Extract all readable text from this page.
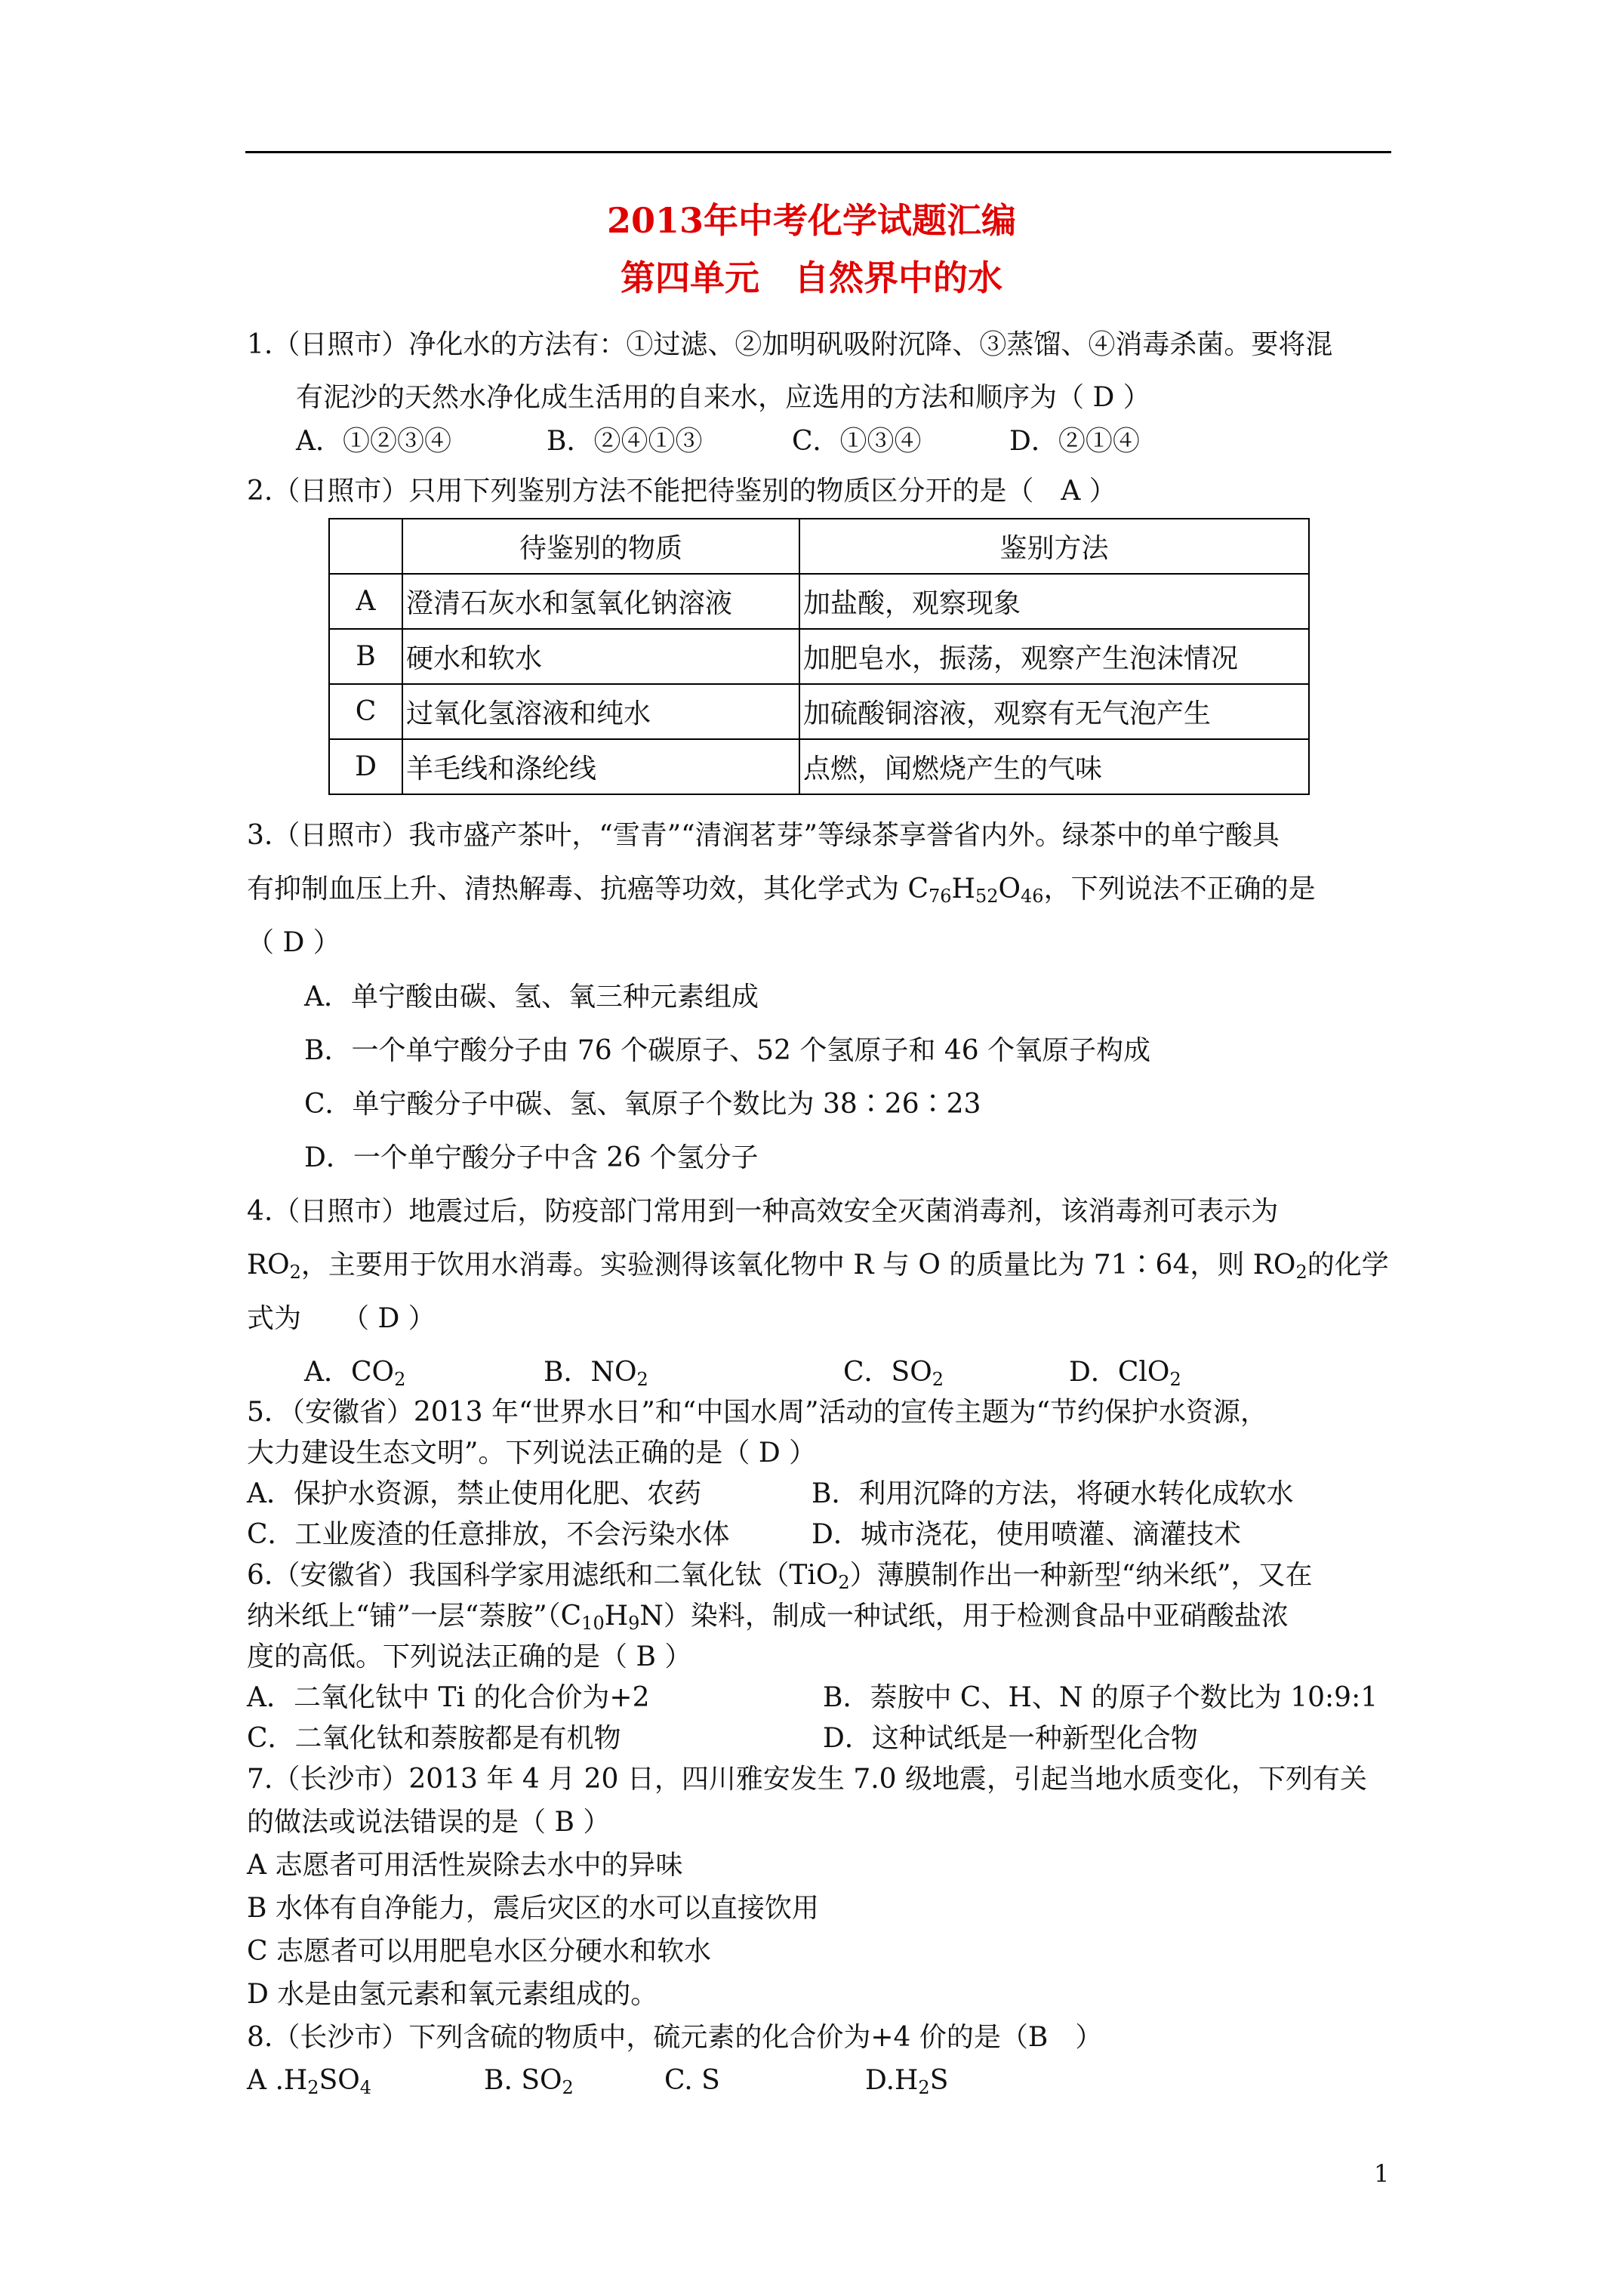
2013年中考化学试题汇编
第四单元　自然界中的水
1.（日照市）净化水的方法有：①过滤、②加明矾吸附沉降、③蒸馏、④消毒杀菌。要将混
有泥沙的天然水净化成生活用的自来水，应选用的方法和顺序为（ D ）
A．①②③④	B．②④①③	C．①③④	D．②①④
2.（日照市）只用下列鉴别方法不能把待鉴别的物质区分开的是（　A ）
	待鉴别的物质	鉴别方法
A	澄清石灰水和氢氧化钠溶液	加盐酸，观察现象
B	硬水和软水	加肥皂水，振荡，观察产生泡沫情况
C	过氧化氢溶液和纯水	加硫酸铜溶液，观察有无气泡产生
D	羊毛线和涤纶线	点燃，闻燃烧产生的气味
3.（日照市）我市盛产茶叶，“雪青”“清润茗芽”等绿茶享誉省内外。绿茶中的单宁酸具
有抑制血压上升、清热解毒、抗癌等功效，其化学式为 $C_{76}H_{52}O_{46}$，下列说法不正确的是
（ D ）
A．单宁酸由碳、氢、氧三种元素组成
B．一个单宁酸分子由 76 个碳原子、52 个氢原子和 46 个氧原子构成
C．单宁酸分子中碳、氢、氧原子个数比为 38∶26∶23
D．一个单宁酸分子中含 26 个氢分子
4.（日照市）地震过后，防疫部门常用到一种高效安全灭菌消毒剂，该消毒剂可表示为
$RO_2$，主要用于饮用水消毒。实验测得该氧化物中 R 与 O 的质量比为 71∶64，则 $RO_2$的化学
式为　　（ D ）
A．$CO_2$	B．$NO_2$	C．$SO_2$	D．ClO$_2$
5．（安徽省）2013 年“世界水日”和“中国水周”活动的宣传主题为“节约保护水资源，
大力建设生态文明”。下列说法正确的是（ D ）
A．保护水资源，禁止使用化肥、农药	B．利用沉降的方法，将硬水转化成软水
C．工业废渣的任意排放，不会污染水体	D．城市浇花，使用喷灌、滴灌技术
6.（安徽省）我国科学家用滤纸和二氧化钛（TiO$_2$）薄膜制作出一种新型“纳米纸”，又在
纳米纸上“铺”一层“萘胺$”(C_{10}H_9N)$染料，制成一种试纸，用于检测食品中亚硝酸盐浓
度的高低。下列说法正确的是（ B ）
A．二氧化钛中 Ti 的化合价为+2	B．萘胺中 C、H、N 的原子个数比为 10:9:1
C．二氧化钛和萘胺都是有机物	D．这种试纸是一种新型化合物
7.（长沙市）2013 年 4 月 20 日，四川雅安发生 7.0 级地震，引起当地水质变化，下列有关
的做法或说法错误的是（ B ）
A 志愿者可用活性炭除去水中的异味
B 水体有自净能力，震后灾区的水可以直接饮用
C 志愿者可以用肥皂水区分硬水和软水
D 水是由氢元素和氧元素组成的。
8.（长沙市）下列含硫的物质中，硫元素的化合价为+4 价的是（B　）
A $.H_2SO_4$	B. $SO_2$	C. S	$D.H_2S$
1
